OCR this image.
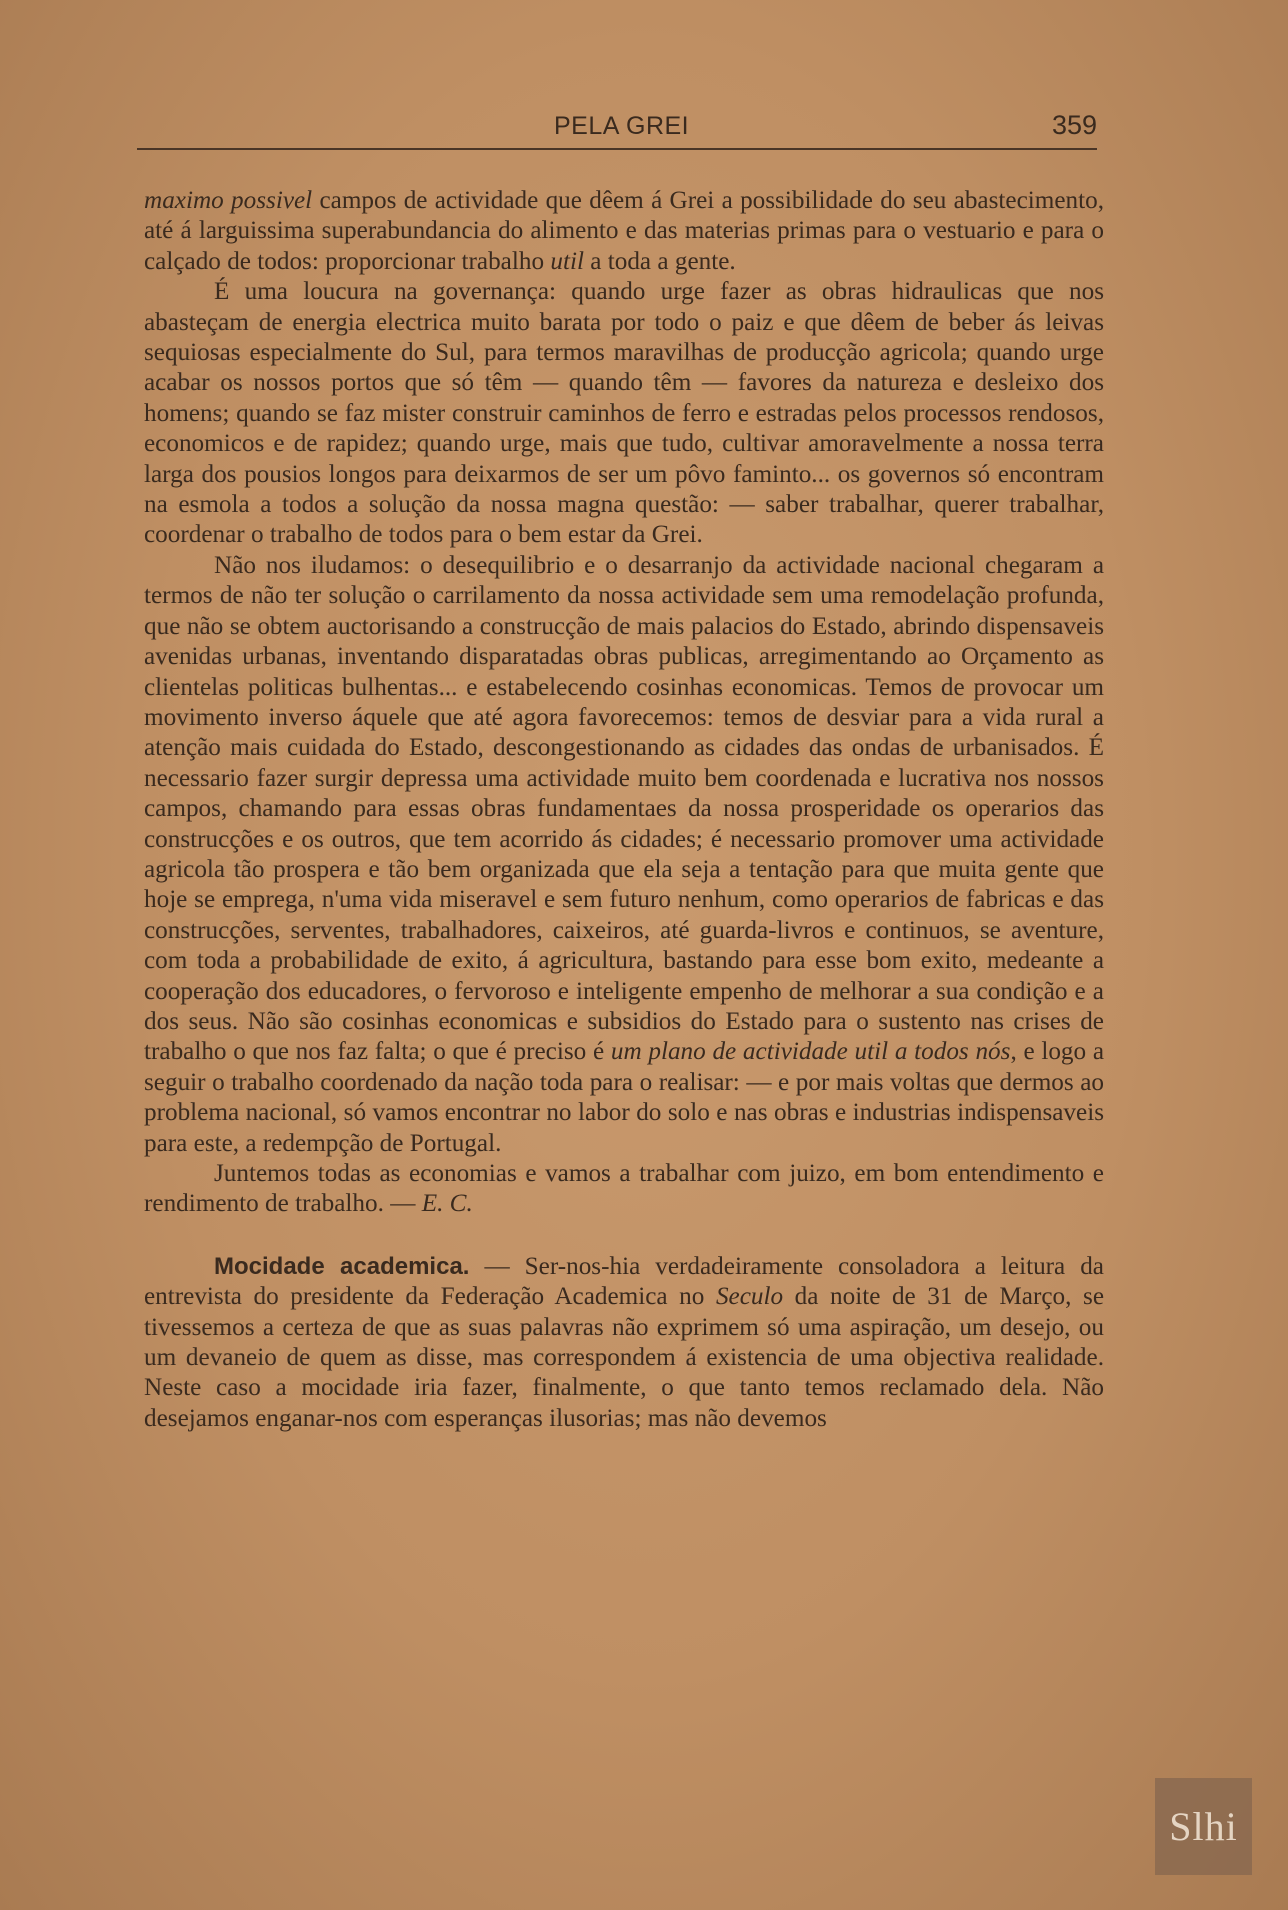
PELA GREI	359

maximo possivel campos de actividade que dêem á Grei a possibilidade do seu abastecimento, até á larguissima superabundancia do alimento e das materias primas para o vestuario e para o calçado de todos: proporcionar trabalho util a toda a gente.

É uma loucura na governança: quando urge fazer as obras hidraulicas que nos abasteçam de energia electrica muito barata por todo o paiz e que dêem de beber ás leivas sequiosas especialmente do Sul, para termos maravilhas de producção agricola; quando urge acabar os nossos portos que só têm — quando têm — favores da natureza e desleixo dos homens; quando se faz mister construir caminhos de ferro e estradas pelos processos rendosos, economicos e de rapidez; quando urge, mais que tudo, cultivar amoravelmente a nossa terra larga dos pousios longos para deixarmos de ser um pôvo faminto... os governos só encontram na esmola a todos a solução da nossa magna questão: — saber trabalhar, querer trabalhar, coordenar o trabalho de todos para o bem estar da Grei.

Não nos iludamos: o desequilibrio e o desarranjo da actividade nacional chegaram a termos de não ter solução o carrilamento da nossa actividade sem uma remodelação profunda, que não se obtem auctorisando a construcção de mais palacios do Estado, abrindo dispensaveis avenidas urbanas, inventando disparatadas obras publicas, arregimentando ao Orçamento as clientelas politicas bulhentas... e estabelecendo cosinhas economicas. Temos de provocar um movimento inverso áquele que até agora favorecemos: temos de desviar para a vida rural a atenção mais cuidada do Estado, descongestionando as cidades das ondas de urbanisados. É necessario fazer surgir depressa uma actividade muito bem coordenada e lucrativa nos nossos campos, chamando para essas obras fundamentaes da nossa prosperidade os operarios das construcções e os outros, que tem acorrido ás cidades; é necessario promover uma actividade agricola tão prospera e tão bem organizada que ela seja a tentação para que muita gente que hoje se emprega, n'uma vida miseravel e sem futuro nenhum, como operarios de fabricas e das construcções, serventes, trabalhadores, caixeiros, até guarda-livros e continuos, se aventure, com toda a probabilidade de exito, á agricultura, bastando para esse bom exito, medeante a cooperação dos educadores, o fervoroso e inteligente empenho de melhorar a sua condição e a dos seus. Não são cosinhas economicas e subsidios do Estado para o sustento nas crises de trabalho o que nos faz falta; o que é preciso é um plano de actividade util a todos nós, e logo a seguir o trabalho coordenado da nação toda para o realisar: — e por mais voltas que dermos ao problema nacional, só vamos encontrar no labor do solo e nas obras e industrias indispensaveis para este, a redempção de Portugal.

Juntemos todas as economias e vamos a trabalhar com juizo, em bom entendimento e rendimento de trabalho. — E. C.

Mocidade academica. — Ser-nos-hia verdadeiramente consoladora a leitura da entrevista do presidente da Federação Academica no Seculo da noite de 31 de Março, se tivessemos a certeza de que as suas palavras não exprimem só uma aspiração, um desejo, ou um devaneio de quem as disse, mas correspondem á existencia de uma objectiva realidade. Neste caso a mocidade iria fazer, finalmente, o que tanto temos reclamado dela. Não desejamos enganar-nos com esperanças ilusorias; mas não devemos

Slhi
